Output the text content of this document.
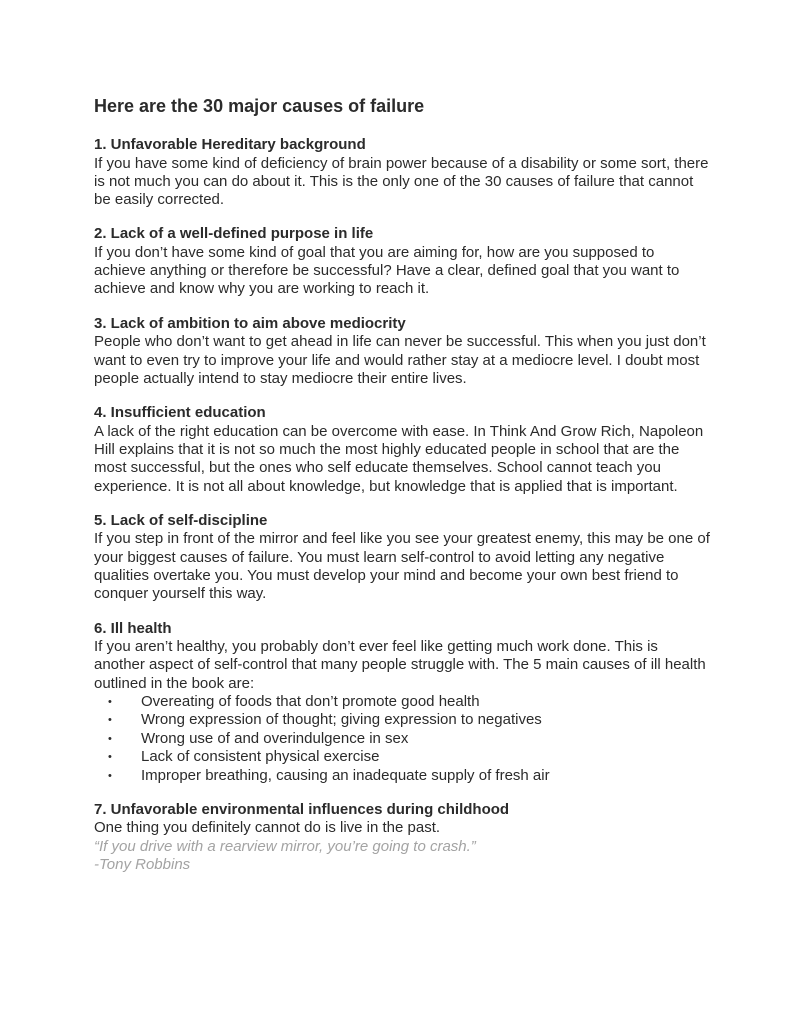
Here are the 30 major causes of failure
1. Unfavorable Hereditary background
If you have some kind of deficiency of brain power because of a disability or some sort, there is not much you can do about it. This is the only one of the 30 causes of failure that cannot be easily corrected.
2. Lack of a well-defined purpose in life
If you don’t have some kind of goal that you are aiming for, how are you supposed to achieve anything or therefore be successful? Have a clear, defined goal that you want to achieve and know why you are working to reach it.
3. Lack of ambition to aim above mediocrity
People who don’t want to get ahead in life can never be successful. This when you just don’t want to even try to improve your life and would rather stay at a mediocre level. I doubt most people actually intend to stay mediocre their entire lives.
4. Insufficient education
A lack of the right education can be overcome with ease. In Think And Grow Rich, Napoleon Hill explains that it is not so much the most highly educated people in school that are the most successful, but the ones who self educate themselves. School cannot teach you experience. It is not all about knowledge, but knowledge that is applied that is important.
5. Lack of self-discipline
If you step in front of the mirror and feel like you see your greatest enemy, this may be one of your biggest causes of failure. You must learn self-control to avoid letting any negative qualities overtake you. You must develop your mind and become your own best friend to conquer yourself this way.
6. Ill health
If you aren’t healthy, you probably don’t ever feel like getting much work done. This is another aspect of self-control that many people struggle with. The 5 main causes of ill health outlined in the book are:
• Overeating of foods that don’t promote good health
• Wrong expression of thought; giving expression to negatives
• Wrong use of and overindulgence in sex
• Lack of consistent physical exercise
• Improper breathing, causing an inadequate supply of fresh air
7. Unfavorable environmental influences during childhood
One thing you definitely cannot do is live in the past.
“If you drive with a rearview mirror, you’re going to crash.”
-Tony Robbins
